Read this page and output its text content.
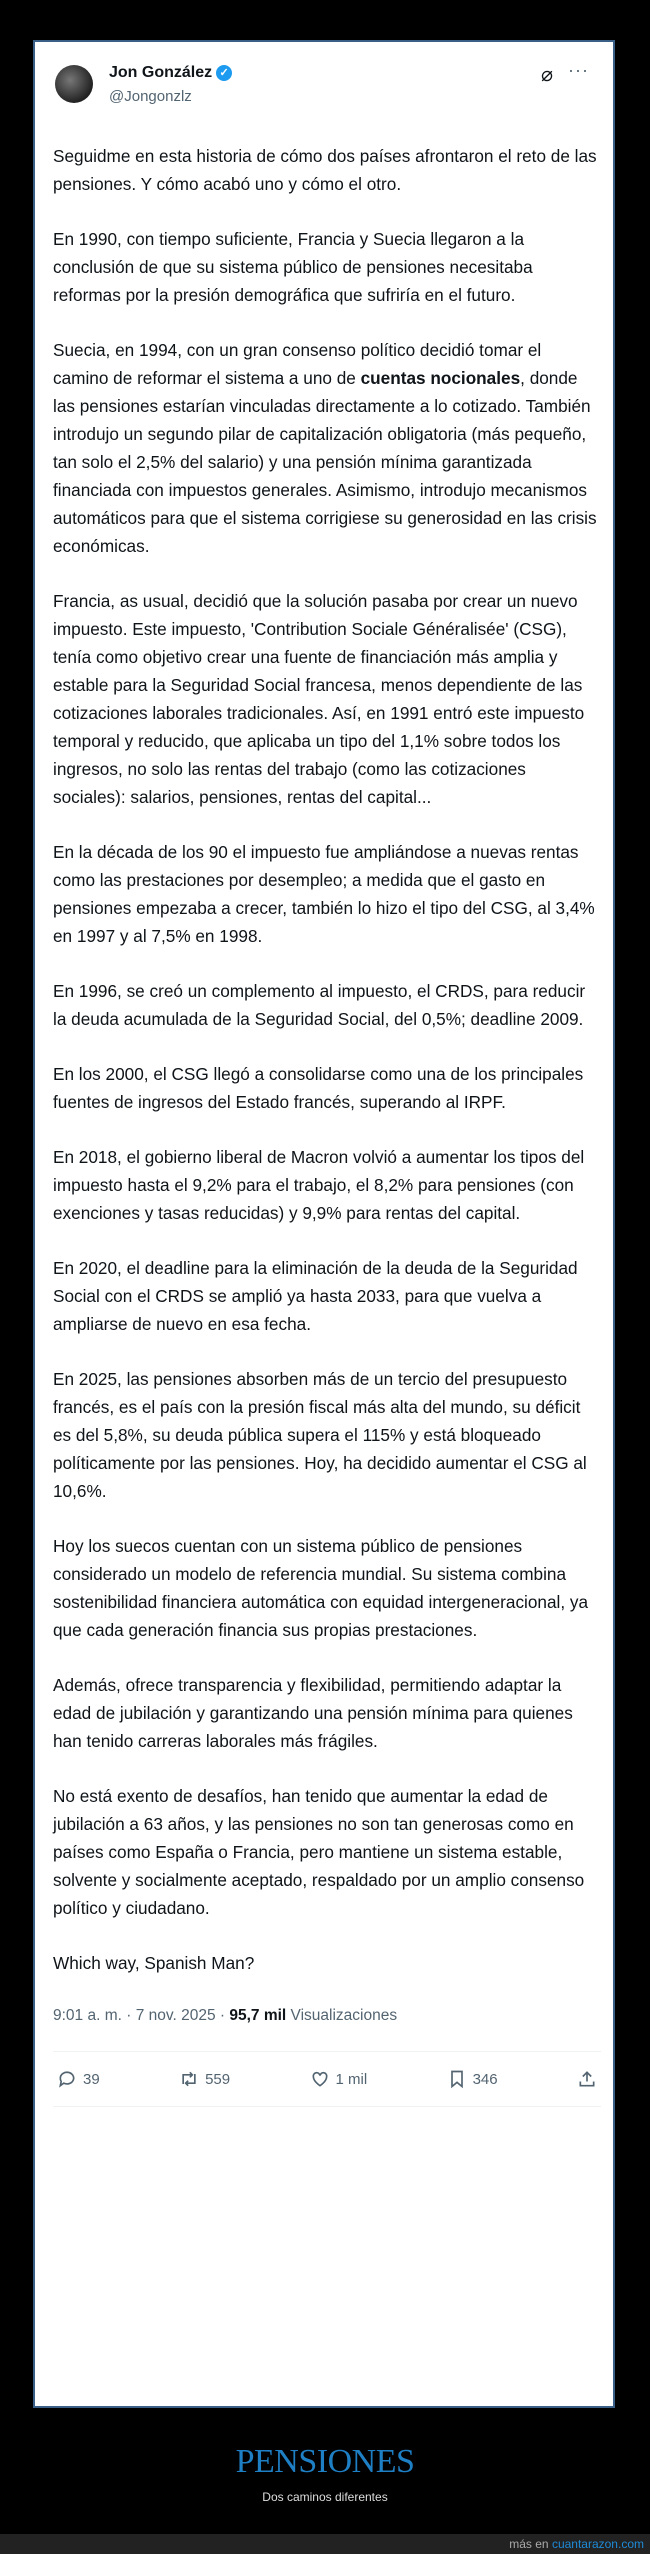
Jon González ✓
@Jongonzlz
⌀ ···

Seguidme en esta historia de cómo dos países afrontaron el reto de las pensiones. Y cómo acabó uno y cómo el otro.

En 1990, con tiempo suficiente, Francia y Suecia llegaron a la conclusión de que su sistema público de pensiones necesitaba reformas por la presión demográfica que sufriría en el futuro.

Suecia, en 1994, con un gran consenso político decidió tomar el camino de reformar el sistema a uno de cuentas nocionales, donde las pensiones estarían vinculadas directamente a lo cotizado. También introdujo un segundo pilar de capitalización obligatoria (más pequeño, tan solo el 2,5% del salario) y una pensión mínima garantizada financiada con impuestos generales. Asimismo, introdujo mecanismos automáticos para que el sistema corrigiese su generosidad en las crisis económicas.

Francia, as usual, decidió que la solución pasaba por crear un nuevo impuesto. Este impuesto, 'Contribution Sociale Généralisée' (CSG), tenía como objetivo crear una fuente de financiación más amplia y estable para la Seguridad Social francesa, menos dependiente de las cotizaciones laborales tradicionales. Así, en 1991 entró este impuesto temporal y reducido, que aplicaba un tipo del 1,1% sobre todos los ingresos, no solo las rentas del trabajo (como las cotizaciones sociales): salarios, pensiones, rentas del capital...

En la década de los 90 el impuesto fue ampliándose a nuevas rentas como las prestaciones por desempleo; a medida que el gasto en pensiones empezaba a crecer, también lo hizo el tipo del CSG, al 3,4% en 1997 y al 7,5% en 1998.

En 1996, se creó un complemento al impuesto, el CRDS, para reducir la deuda acumulada de la Seguridad Social, del 0,5%; deadline 2009.

En los 2000, el CSG llegó a consolidarse como una de los principales fuentes de ingresos del Estado francés, superando al IRPF.

En 2018, el gobierno liberal de Macron volvió a aumentar los tipos del impuesto hasta el 9,2% para el trabajo, el 8,2% para pensiones (con exenciones y tasas reducidas) y 9,9% para rentas del capital.

En 2020, el deadline para la eliminación de la deuda de la Seguridad Social con el CRDS se amplió ya hasta 2033, para que vuelva a ampliarse de nuevo en esa fecha.

En 2025, las pensiones absorben más de un tercio del presupuesto francés, es el país con la presión fiscal más alta del mundo, su déficit es del 5,8%, su deuda pública supera el 115% y está bloqueado políticamente por las pensiones. Hoy, ha decidido aumentar el CSG al 10,6%.

Hoy los suecos cuentan con un sistema público de pensiones considerado un modelo de referencia mundial. Su sistema combina sostenibilidad financiera automática con equidad intergeneracional, ya que cada generación financia sus propias prestaciones.

Además, ofrece transparencia y flexibilidad, permitiendo adaptar la edad de jubilación y garantizando una pensión mínima para quienes han tenido carreras laborales más frágiles.

No está exento de desafíos, han tenido que aumentar la edad de jubilación a 63 años, y las pensiones no son tan generosas como en países como España o Francia, pero mantiene un sistema estable, solvente y socialmente aceptado, respaldado por un amplio consenso político y ciudadano.

Which way, Spanish Man?

9:01 a. m. · 7 nov. 2025 · 95,7 mil Visualizaciones
39	559	1 mil	346
PENSIONES
Dos caminos diferentes
más en cuantarazon.com
